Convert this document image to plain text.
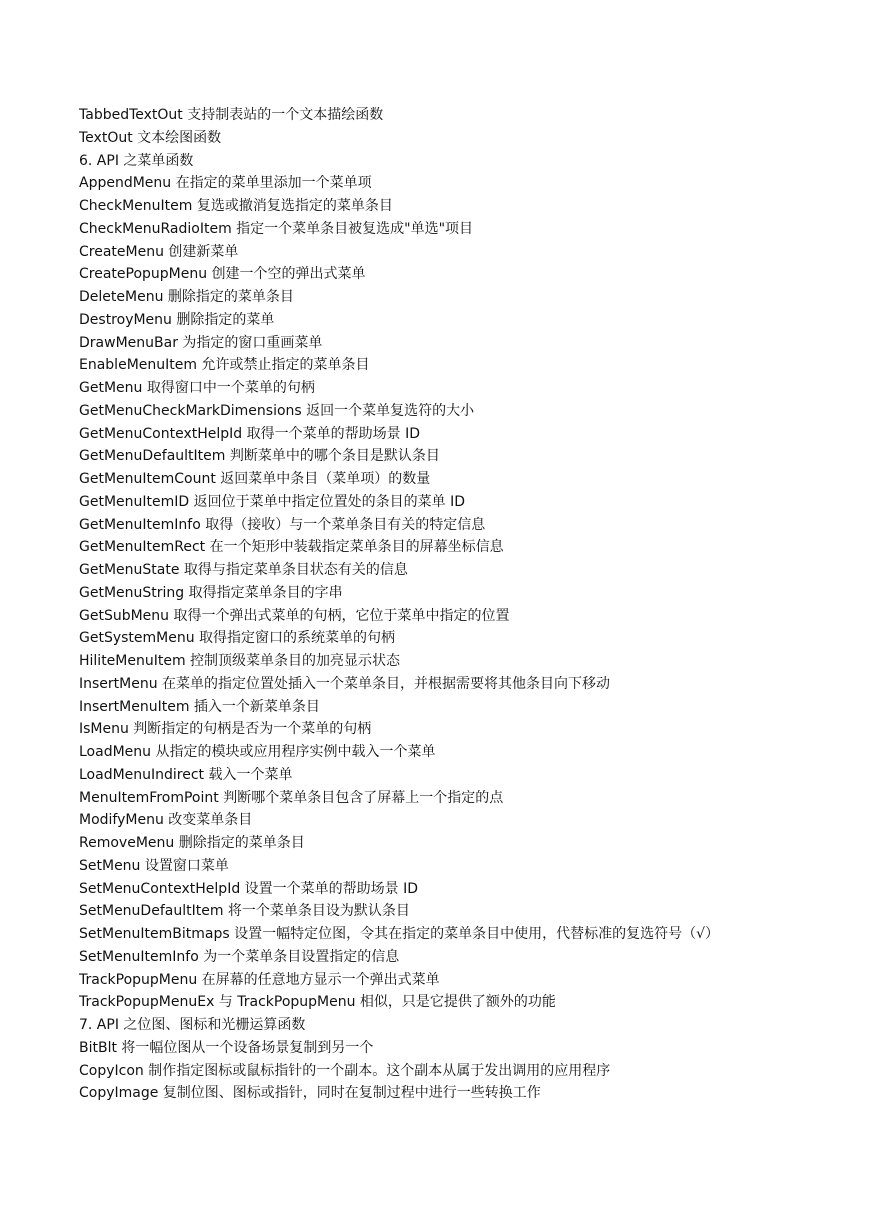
TabbedTextOut 支持制表站的一个文本描绘函数
TextOut 文本绘图函数
6. API 之菜单函数
AppendMenu 在指定的菜单里添加一个菜单项
CheckMenuItem 复选或撤消复选指定的菜单条目
CheckMenuRadioItem 指定一个菜单条目被复选成"单选"项目
CreateMenu 创建新菜单
CreatePopupMenu 创建一个空的弹出式菜单
DeleteMenu 删除指定的菜单条目
DestroyMenu 删除指定的菜单
DrawMenuBar 为指定的窗口重画菜单
EnableMenuItem 允许或禁止指定的菜单条目
GetMenu 取得窗口中一个菜单的句柄
GetMenuCheckMarkDimensions 返回一个菜单复选符的大小
GetMenuContextHelpId 取得一个菜单的帮助场景 ID
GetMenuDefaultItem 判断菜单中的哪个条目是默认条目
GetMenuItemCount 返回菜单中条目（菜单项）的数量
GetMenuItemID 返回位于菜单中指定位置处的条目的菜单 ID
GetMenuItemInfo 取得（接收）与一个菜单条目有关的特定信息
GetMenuItemRect 在一个矩形中装载指定菜单条目的屏幕坐标信息
GetMenuState 取得与指定菜单条目状态有关的信息
GetMenuString 取得指定菜单条目的字串
GetSubMenu 取得一个弹出式菜单的句柄，它位于菜单中指定的位置
GetSystemMenu 取得指定窗口的系统菜单的句柄
HiliteMenuItem 控制顶级菜单条目的加亮显示状态
InsertMenu 在菜单的指定位置处插入一个菜单条目，并根据需要将其他条目向下移动
InsertMenuItem 插入一个新菜单条目
IsMenu 判断指定的句柄是否为一个菜单的句柄
LoadMenu 从指定的模块或应用程序实例中载入一个菜单
LoadMenuIndirect 载入一个菜单
MenuItemFromPoint 判断哪个菜单条目包含了屏幕上一个指定的点
ModifyMenu 改变菜单条目
RemoveMenu 删除指定的菜单条目
SetMenu 设置窗口菜单
SetMenuContextHelpId 设置一个菜单的帮助场景 ID
SetMenuDefaultItem 将一个菜单条目设为默认条目
SetMenuItemBitmaps 设置一幅特定位图，令其在指定的菜单条目中使用，代替标准的复选符号（√）
SetMenuItemInfo 为一个菜单条目设置指定的信息
TrackPopupMenu 在屏幕的任意地方显示一个弹出式菜单
TrackPopupMenuEx 与 TrackPopupMenu 相似，只是它提供了额外的功能
7. API 之位图、图标和光栅运算函数
BitBlt 将一幅位图从一个设备场景复制到另一个
CopyIcon 制作指定图标或鼠标指针的一个副本。这个副本从属于发出调用的应用程序
CopyImage 复制位图、图标或指针，同时在复制过程中进行一些转换工作
